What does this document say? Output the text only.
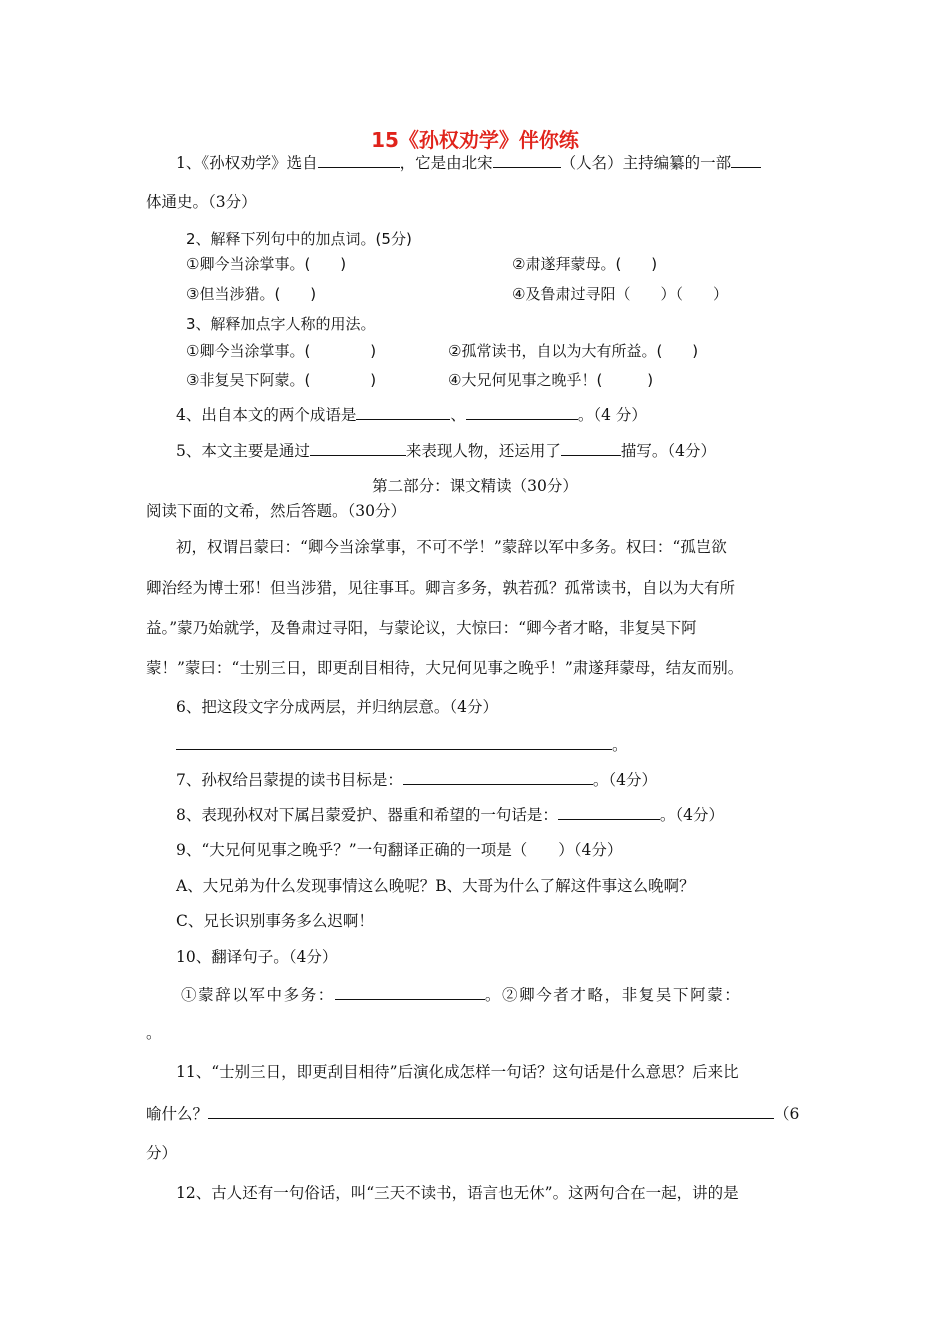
15《孙权劝学》伴你练
1、《孙权劝学》选自	，它是由北宋	（人名）主持编纂的一部
体通史。（3分）
2、解释下列句中的加点词。(5分)
①卿今当涂掌事。(　　)	②肃遂拜蒙母。(　　)
③但当涉猎。(　　)	④及鲁肃过寻阳（　　）（　　）
3、解释加点字人称的用法。
①卿今当涂掌事。(　　　　)	②孤常读书，自以为大有所益。(　　)
③非复吴下阿蒙。(　　　　)	④大兄何见事之晚乎！(　　　)
4、出自本文的两个成语是	、	。（4 分）
5、本文主要是通过	来表现人物，还运用了	描写。（4分）
第二部分：课文精读（30分）
阅读下面的文希，然后答题。（30分）
初，权谓吕蒙曰：“卿今当涂掌事，不可不学！”蒙辞以军中多务。权曰：“孤岂欲
卿治经为博士邪！但当涉猎，见往事耳。卿言多务，孰若孤？孤常读书，自以为大有所
益。”蒙乃始就学，及鲁肃过寻阳，与蒙论议，大惊曰：“卿今者才略，非复吴下阿
蒙！”蒙曰：“士别三日，即更刮目相待，大兄何见事之晚乎！”肃遂拜蒙母，结友而别。
6、把这段文字分成两层，并归纳层意。（4分）
。
7、孙权给吕蒙提的读书目标是：	。（4分）
8、表现孙权对下属吕蒙爱护、器重和希望的一句话是：	。（4分）
9、“大兄何见事之晚乎？”一句翻译正确的一项是（　　）（4分）
A、大兄弟为什么发现事情这么晚呢？B、大哥为什么了解这件事这么晚啊？
C、兄长识别事务多么迟啊！
10、翻译句子。（4分）
①蒙辞以军中多务：	。②卿今者才略，非复吴下阿蒙：
。
11、“士别三日，即更刮目相待”后演化成怎样一句话？这句话是什么意思？后来比
喻什么？	（6
分）
12、古人还有一句俗话，叫“三天不读书，语言也无休”。这两句合在一起，讲的是
